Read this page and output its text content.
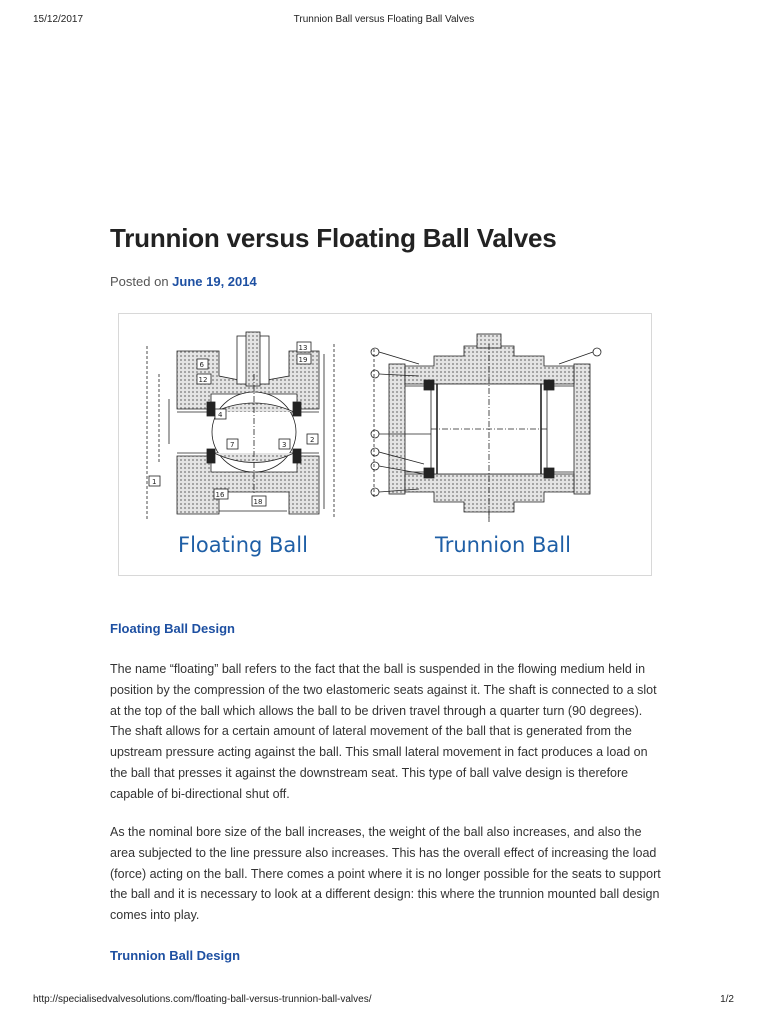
15/12/2017	Trunnion Ball versus Floating Ball Valves
Trunnion versus Floating Ball Valves
Posted on June 19, 2014
6
12
13
19
4
7	3
2
1
16
18
Floating Ball	Trunnion Ball
Floating Ball Design

The name “floating” ball refers to the fact that the ball is suspended in the flowing medium held in position by the compression of the two elastomeric seats against it. The shaft is connected to a slot at the top of the ball which allows the ball to be driven travel through a quarter turn (90 degrees). The shaft allows for a certain amount of lateral movement of the ball that is generated from the upstream pressure acting against the ball. This small lateral movement in fact produces a load on the ball that presses it against the downstream seat. This type of ball valve design is therefore capable of bi-directional shut off.

As the nominal bore size of the ball increases, the weight of the ball also increases, and also the area subjected to the line pressure also increases. This has the overall effect of increasing the load (force) acting on the ball. There comes a point where it is no longer possible for the seats to support the ball and it is necessary to look at a different design: this where the trunnion mounted ball design comes into play.

Trunnion Ball Design
http://specialisedvalvesolutions.com/floating-ball-versus-trunnion-ball-valves/	1/2
